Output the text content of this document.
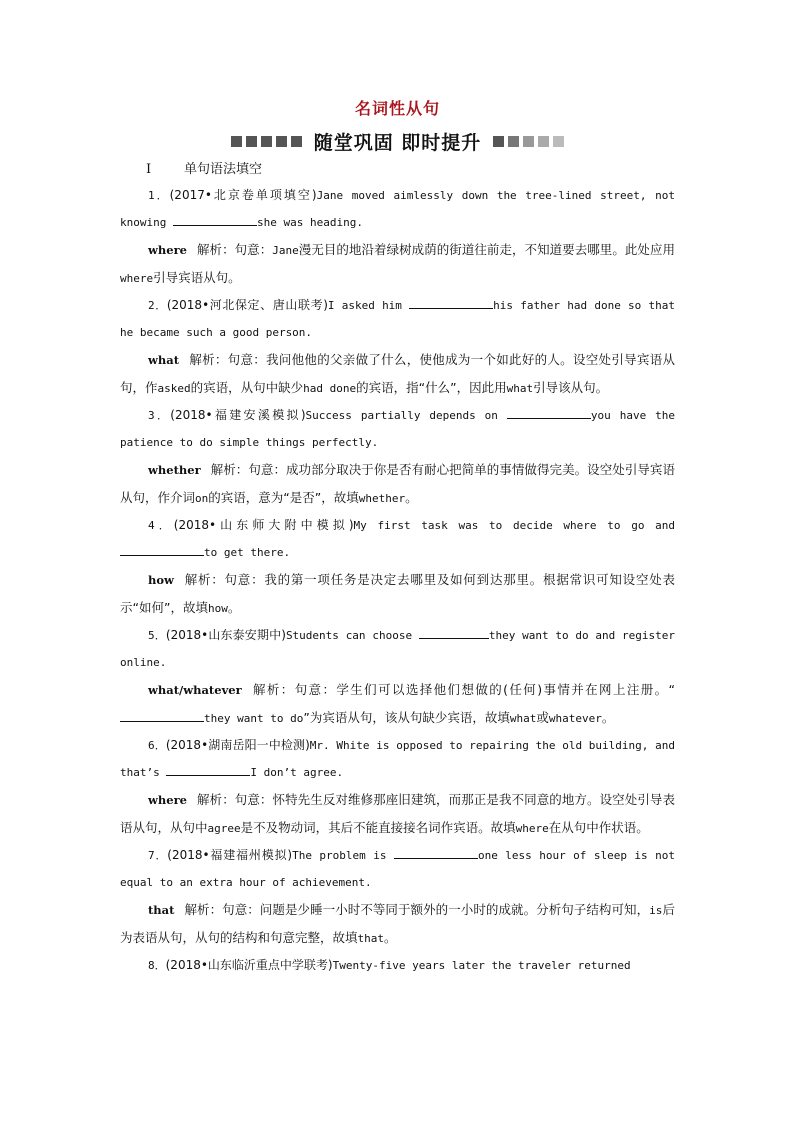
名词性从句
随堂巩固 即时提升
Ⅰ	单句语法填空

1．(2017•北京卷单项填空)Jane moved aimlessly down the tree-lined street, not knowing	she was heading.

where 解析：句意：Jane漫无目的地沿着绿树成荫的街道往前走，不知道要去哪里。此处应用where引导宾语从句。

2．(2018•河北保定、唐山联考)I asked him	his father had done so that he became such a good person.

what 解析：句意：我问他他的父亲做了什么，使他成为一个如此好的人。设空处引导宾语从句，作asked的宾语，从句中缺少had done的宾语，指“什么”，因此用what引导该从句。

3．(2018•福建安溪模拟)Success partially depends on	you have the patience to do simple things perfectly.

whether 解析：句意：成功部分取决于你是否有耐心把简单的事情做得完美。设空处引导宾语从句，作介词on的宾语，意为“是否”，故填whether。

4．(2018•山东师大附中模拟)My first task was to decide where to go and to get there.

how 解析：句意：我的第一项任务是决定去哪里及如何到达那里。根据常识可知设空处表示“如何”，故填how。

5．(2018•山东泰安期中)Students can choose	they want to do and register online.

what/whatever 解析：句意：学生们可以选择他们想做的(任何)事情并在网上注册。“they want to do”为宾语从句，该从句缺少宾语，故填what或whatever。

6．(2018•湖南岳阳一中检测)Mr. White is opposed to repairing the old building, and that’s	I don’t agree.

where 解析：句意：怀特先生反对维修那座旧建筑，而那正是我不同意的地方。设空处引导表语从句，从句中agree是不及物动词，其后不能直接接名词作宾语。故填where在从句中作状语。

7．(2018•福建福州模拟)The problem is	one less hour of sleep is not equal to an extra hour of achievement.

that 解析：句意：问题是少睡一小时不等同于额外的一小时的成就。分析句子结构可知，is后为表语从句，从句的结构和句意完整，故填that。

8．(2018•山东临沂重点中学联考)Twenty-five years later the traveler returned
